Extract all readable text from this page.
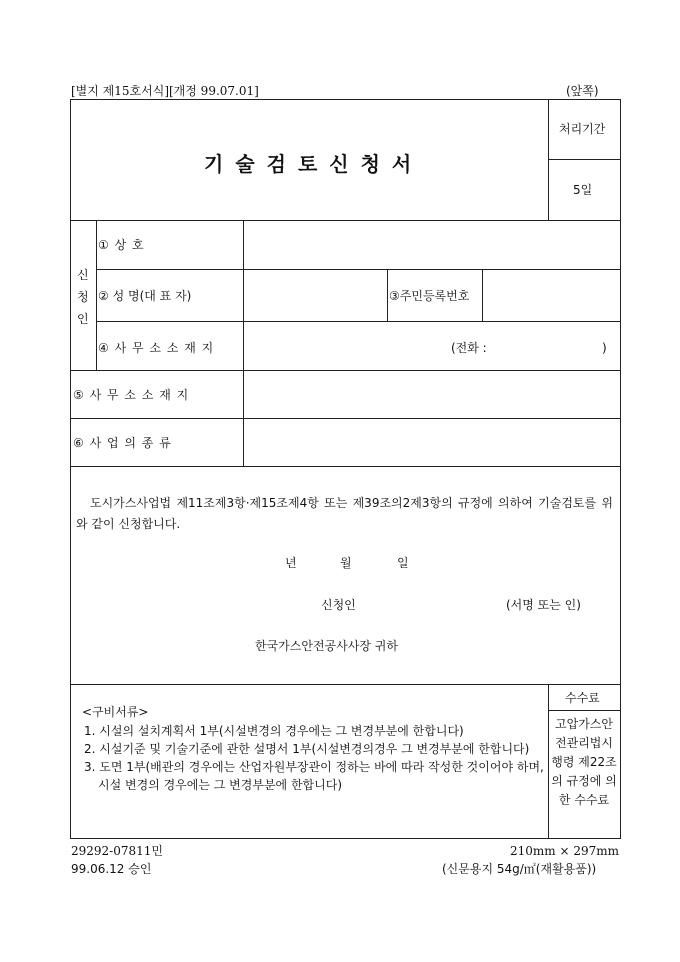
[별지 제15호서식][개정 99.07.01]	(앞쪽)
기술검토신청서
처리기간
5일
신청인
① 상 호
② 성 명(대 표 자)	③주민등록번호
④ 사 무 소 소 재 지	(전화 :	)
⑤ 사 무 소 소 재 지
⑥ 사 업 의 종 류
도시가스사업법 제11조제3항·제15조제4항 또는 제39조의2제3항의 규정에 의하여 기술검토를 위와 같이 신청합니다.
년	월	일
신청인	(서명 또는 인)
한국가스안전공사사장 귀하
<구비서류>
1. 시설의 설치계획서 1부(시설변경의 경우에는 그 변경부분에 한합니다)
2. 시설기준 및 기술기준에 관한 설명서 1부(시설변경의경우 그 변경부분에 한합니다)
3. 도면 1부(배관의 경우에는 산업자원부장관이 정하는 바에 따라 작성한 것이어야 하며, 시설 변경의 경우에는 그 변경부분에 한합니다)
수수료
고압가스안전관리법시행령 제22조의 규정에 의한 수수료
29292-07811민	210mm × 297mm
99.06.12 승인	(신문용지 54g/㎡(재활용품))
